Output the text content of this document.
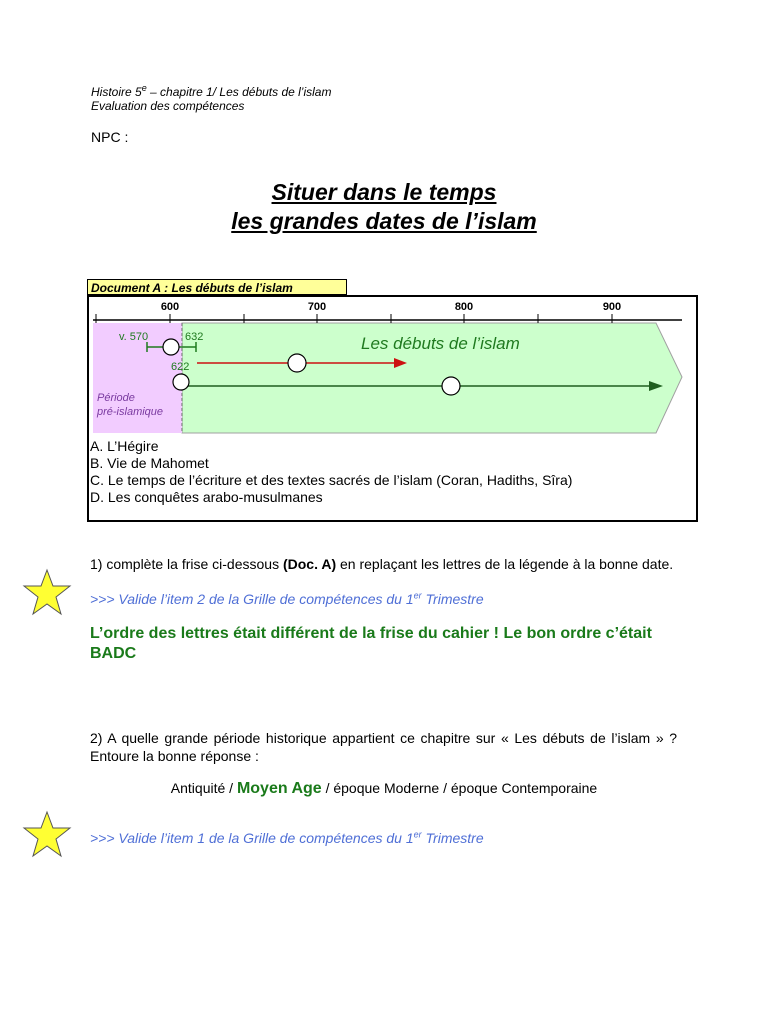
Histoire 5e – chapitre 1/ Les débuts de l’islam
Evaluation des compétences
NPC :
Situer dans le temps
les grandes dates de l’islam
Document A : Les débuts de l’islam
600	700	800	900
v. 570	632
622
Les débuts de l’islam
Période
pré-islamique
A. L’Hégire
B. Vie de Mahomet
C. Le temps de l’écriture et des textes sacrés de l’islam (Coran, Hadiths, Sîra)
D. Les conquêtes arabo-musulmanes
1) complète la frise ci-dessous (Doc. A) en replaçant les lettres de la légende à la bonne date.
>>> Valide l’item 2 de la Grille de compétences du 1er Trimestre
L’ordre des lettres était différent de la frise du cahier ! Le bon ordre c’était BADC
2) A quelle grande période historique appartient ce chapitre sur « Les débuts de l’islam » ? Entoure la bonne réponse :
Antiquité / Moyen Age / époque Moderne / époque Contemporaine
>>> Valide l’item 1 de la Grille de compétences du 1er Trimestre
